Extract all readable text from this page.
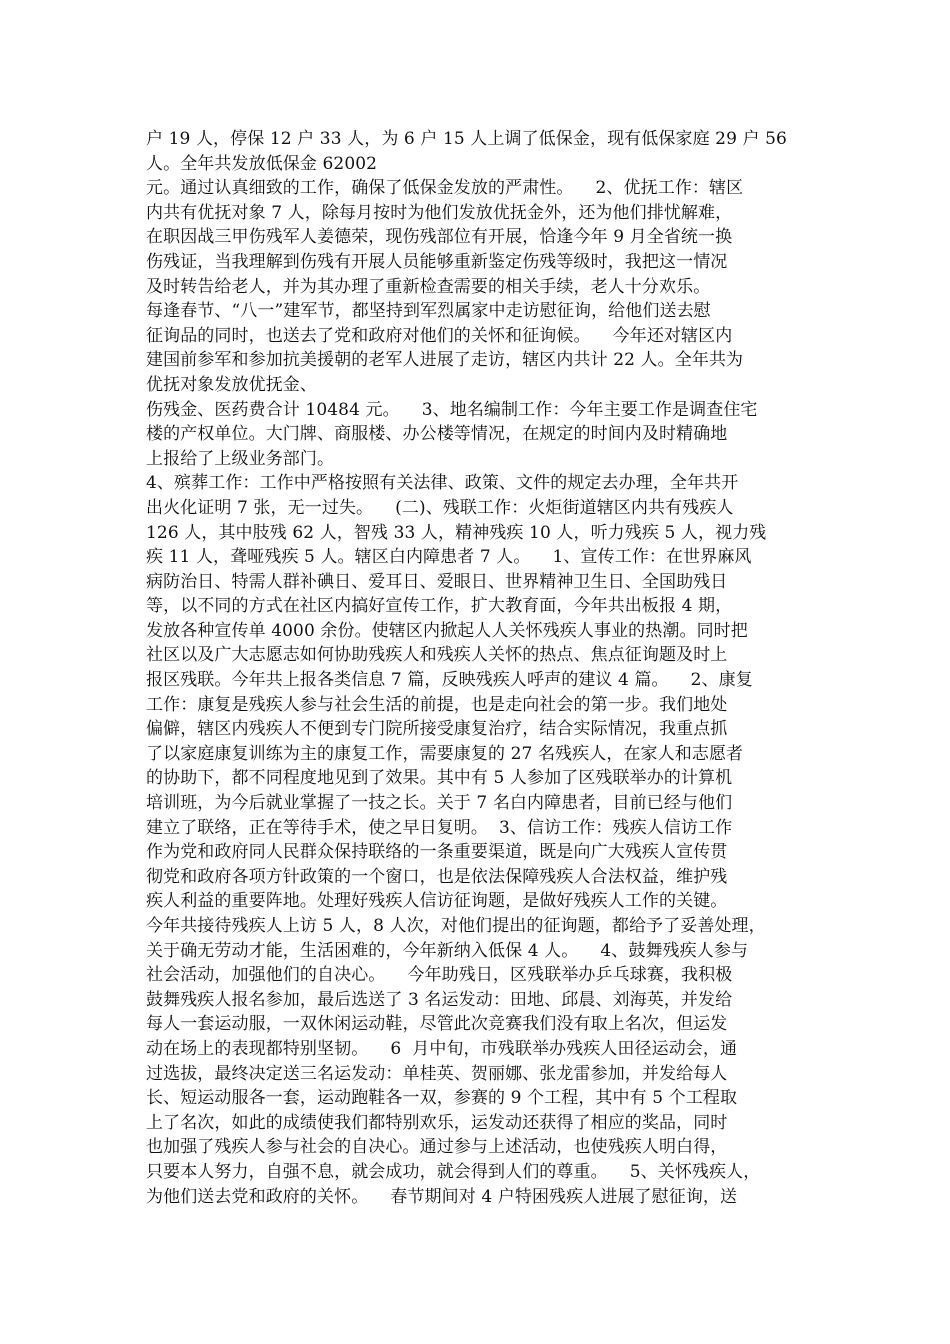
户 19 人，停保 12 户 33 人，为 6 户 15 人上调了低保金，现有低保家庭 29 户 56
人。全年共发放低保金 62002
元。通过认真细致的工作，确保了低保金发放的严肃性。    2、优抚工作：辖区
内共有优抚对象 7 人，除每月按时为他们发放优抚金外，还为他们排忧解难，
在职因战三甲伤残军人姜德荣，现伤残部位有开展，恰逢今年 9 月全省统一换
伤残证，当我理解到伤残有开展人员能够重新鉴定伤残等级时，我把这一情况
及时转告给老人，并为其办理了重新检查需要的相关手续，老人十分欢乐。
每逢春节、“八一”建军节，都坚持到军烈属家中走访慰征询，给他们送去慰
征询品的同时，也送去了党和政府对他们的关怀和征询候。    今年还对辖区内
建国前参军和参加抗美援朝的老军人进展了走访，辖区内共计 22 人。全年共为
优抚对象发放优抚金、
伤残金、医药费合计 10484 元。    3、地名编制工作：今年主要工作是调查住宅
楼的产权单位。大门牌、商服楼、办公楼等情况，在规定的时间内及时精确地
上报给了上级业务部门。
4、殡葬工作：工作中严格按照有关法律、政策、文件的规定去办理，全年共开
出火化证明 7 张，无一过失。    (二)、残联工作：火炬街道辖区内共有残疾人
126 人，其中肢残 62 人，智残 33 人，精神残疾 10 人，听力残疾 5 人，视力残
疾 11 人，聋哑残疾 5 人。辖区白内障患者 7 人。    1、宣传工作：在世界麻风
病防治日、特需人群补碘日、爱耳日、爱眼日、世界精神卫生日、全国助残日
等，以不同的方式在社区内搞好宣传工作，扩大教育面，今年共出板报 4 期，
发放各种宣传单 4000 余份。使辖区内掀起人人关怀残疾人事业的热潮。同时把
社区以及广大志愿志如何协助残疾人和残疾人关怀的热点、焦点征询题及时上
报区残联。今年共上报各类信息 7 篇，反映残疾人呼声的建议 4 篇。    2、康复
工作：康复是残疾人参与社会生活的前提，也是走向社会的第一步。我们地处
偏僻，辖区内残疾人不便到专门院所接受康复治疗，结合实际情况，我重点抓
了以家庭康复训练为主的康复工作，需要康复的 27 名残疾人，在家人和志愿者
的协助下，都不同程度地见到了效果。其中有 5 人参加了区残联举办的计算机
培训班，为今后就业掌握了一技之长。关于 7 名白内障患者，目前已经与他们
建立了联络，正在等待手术，使之早日复明。  3、信访工作：残疾人信访工作
作为党和政府同人民群众保持联络的一条重要渠道，既是向广大残疾人宣传贯
彻党和政府各项方针政策的一个窗口，也是依法保障残疾人合法权益，维护残
疾人利益的重要阵地。处理好残疾人信访征询题，是做好残疾人工作的关键。
今年共接待残疾人上访 5 人，8 人次，对他们提出的征询题，都给予了妥善处理，
关于确无劳动才能，生活困难的，今年新纳入低保 4 人。    4、鼓舞残疾人参与
社会活动，加强他们的自决心。    今年助残日，区残联举办乒乓球赛，我积极
鼓舞残疾人报名参加，最后选送了 3 名运发动：田地、邱晨、刘海英，并发给
每人一套运动服，一双休闲运动鞋，尽管此次竞赛我们没有取上名次，但运发
动在场上的表现都特别坚韧。    6  月中旬，市残联举办残疾人田径运动会，通
过选拔，最终决定送三名运发动：单桂英、贺丽娜、张龙雷参加，并发给每人
长、短运动服各一套，运动跑鞋各一双，参赛的 9 个工程，其中有 5 个工程取
上了名次，如此的成绩使我们都特别欢乐，运发动还获得了相应的奖品，同时
也加强了残疾人参与社会的自决心。通过参与上述活动，也使残疾人明白得，
只要本人努力，自强不息，就会成功，就会得到人们的尊重。    5、关怀残疾人，
为他们送去党和政府的关怀。    春节期间对 4 户特困残疾人进展了慰征询，送
